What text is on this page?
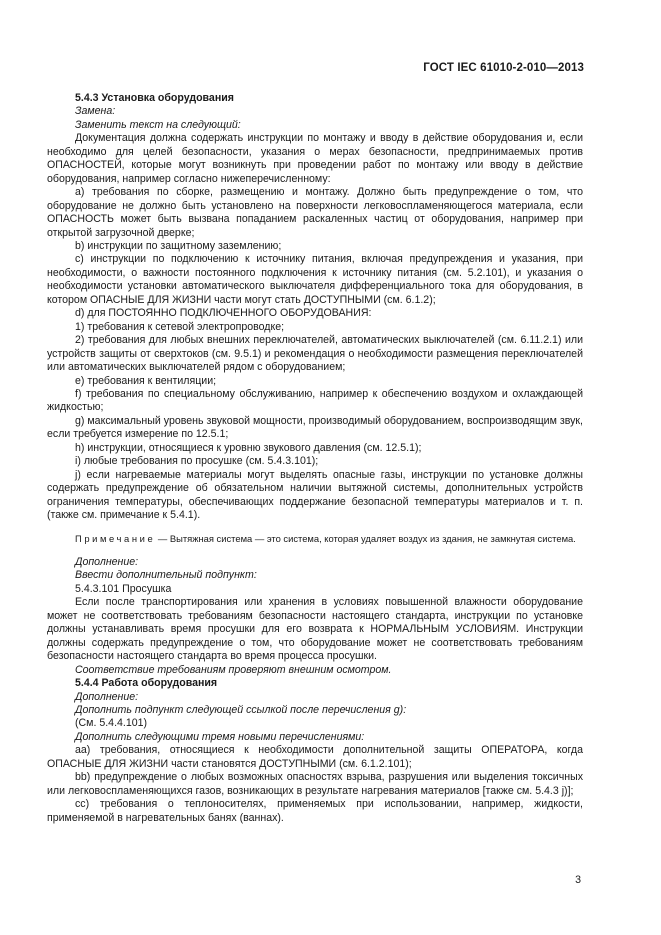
ГОСТ IEC 61010-2-010—2013

5.4.3 Установка оборудования

Замена:

Заменить текст на следующий:

Документация должна содержать инструкции по монтажу и вводу в действие оборудования и, если необходимо для целей безопасности, указания о мерах безопасности, предпринимаемых против ОПАСНОСТЕЙ, которые могут возникнуть при проведении работ по монтажу или вводу в действие оборудования, например согласно нижеперечисленному:

a) требования по сборке, размещению и монтажу. Должно быть предупреждение о том, что оборудование не должно быть установлено на поверхности легковоспламеняющегося материала, если ОПАСНОСТЬ может быть вызвана попаданием раскаленных частиц от оборудования, например при открытой загрузочной дверке;

b) инструкции по защитному заземлению;

c) инструкции по подключению к источнику питания, включая предупреждения и указания, при необходимости, о важности постоянного подключения к источнику питания (см. 5.2.101), и указания о необходимости установки автоматического выключателя дифференциального тока для оборудования, в котором ОПАСНЫЕ ДЛЯ ЖИЗНИ части могут стать ДОСТУПНЫМИ (см. 6.1.2);

d) для ПОСТОЯННО ПОДКЛЮЧЕННОГО ОБОРУДОВАНИЯ:

1) требования к сетевой электропроводке;

2) требования для любых внешних переключателей, автоматических выключателей (см. 6.11.2.1) или устройств защиты от сверхтоков (см. 9.5.1) и рекомендация о необходимости размещения переключателей или автоматических выключателей рядом с оборудованием;

e) требования к вентиляции;

f) требования по специальному обслуживанию, например к обеспечению воздухом и охлаждающей жидкостью;

g) максимальный уровень звуковой мощности, производимый оборудованием, воспроизводящим звук, если требуется измерение по 12.5.1;

h) инструкции, относящиеся к уровню звукового давления (см. 12.5.1);

i) любые требования по просушке (см. 5.4.3.101);

j) если нагреваемые материалы могут выделять опасные газы, инструкции по установке должны содержать предупреждение об обязательном наличии вытяжной системы, дополнительных устройств ограничения температуры, обеспечивающих поддержание безопасной температуры материалов и т. п. (также см. примечание к 5.4.1).

Примечание — Вытяжная система — это система, которая удаляет воздух из здания, не замкнутая система.

Дополнение:

Ввести дополнительный подпункт:

5.4.3.101 Просушка

Если после транспортирования или хранения в условиях повышенной влажности оборудование может не соответствовать требованиям безопасности настоящего стандарта, инструкции по установке должны устанавливать время просушки для его возврата к НОРМАЛЬНЫМ УСЛОВИЯМ. Инструкции должны содержать предупреждение о том, что оборудование может не соответствовать требованиям безопасности настоящего стандарта во время процесса просушки.

Соответствие требованиям проверяют внешним осмотром.

5.4.4 Работа оборудования

Дополнение:

Дополнить подпункт следующей ссылкой после перечисления g):

(См. 5.4.4.101)

Дополнить следующими тремя новыми перечислениями:

aa) требования, относящиеся к необходимости дополнительной защиты ОПЕРАТОРА, когда ОПАСНЫЕ ДЛЯ ЖИЗНИ части становятся ДОСТУПНЫМИ (см. 6.1.2.101);

bb) предупреждение о любых возможных опасностях взрыва, разрушения или выделения токсичных или легковоспламеняющихся газов, возникающих в результате нагревания материалов [также см. 5.4.3 j)];

cc) требования о теплоносителях, применяемых при использовании, например, жидкости, применяемой в нагревательных банях (ваннах).

3
